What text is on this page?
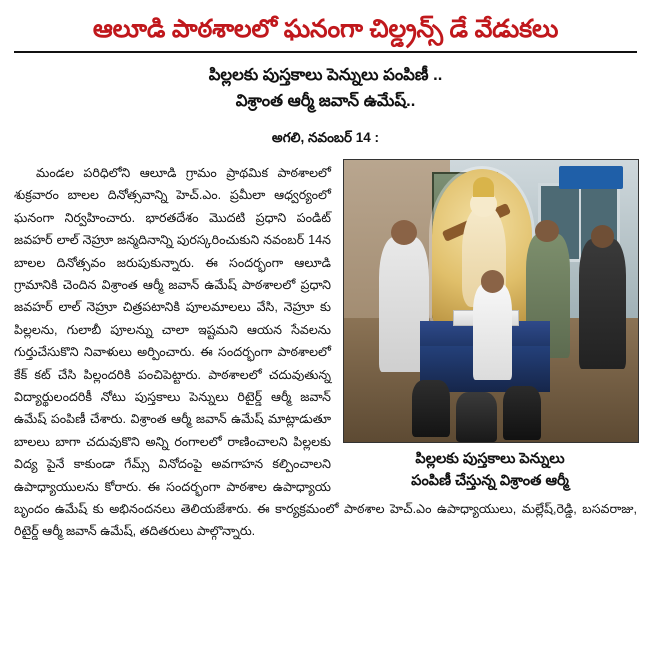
ఆలూడి పాఠశాలలో ఘనంగా చిల్డ్రన్స్ డే వేడుకలు
పిల్లలకు పుస్తకాలు పెన్నులు పంపిణీ ..
విశ్రాంత ఆర్మీ జవాన్ ఉమేష్..
అగలి, నవంబర్ 14 :
పిల్లలకు పుస్తకాలు పెన్నులు
పంపిణీ చేస్తున్న విశ్రాంత ఆర్మీ

మండల పరిధిలోని ఆలూడి గ్రామం ప్రాథమిక పాఠశాలలో శుక్రవారం బాలల దినోత్సవాన్ని హెచ్.ఎం. ప్రమీలా ఆధ్వర్యంలో ఘనంగా నిర్వహించారు. భారతదేశం మొదటి ప్రధాని పండిట్ జవహర్ లాల్ నెహ్రూ జన్మదినాన్ని పురస్కరించుకుని నవంబర్ 14న బాలల దినోత్సవం జరుపుకున్నారు. ఈ సందర్భంగా ఆలూడి గ్రామానికి చెందిన విశ్రాంత ఆర్మీ జవాన్ ఉమేష్ పాఠశాలలో ప్రధాని జవహర్ లాల్ నెహ్రూ చిత్రపటానికి పూలమాలలు వేసి, నెహ్రూ కు పిల్లలను, గులాబీ పూలన్ను చాలా ఇష్టమని ఆయన సేవలను గుర్తుచేసుకొని నివాళులు అర్పించారు. ఈ సందర్భంగా పాఠశాలలో కేక్ కట్ చేసి పిల్లందరికి పంచిపెట్టారు. పాఠశాలలో చదువుతున్న విద్యార్థులందరికీ నోటు పుస్తకాలు పెన్నులు రిటైర్డ్ ఆర్మీ జవాన్ ఉమేష్ పంపిణీ చేశారు. విశ్రాంత ఆర్మీ జవాన్ ఉమేష్ మాట్లాడుతూ బాలలు బాగా చదువుకొని అన్ని రంగాలలో రాణించాలని పిల్లలకు విద్య పైనే కాకుండా గేమ్స్ వినోదంపై అవగాహన కల్పించాలని ఉపాధ్యాయులను కోరారు. ఈ సందర్భంగా పాఠశాల ఉపాధ్యాయ బృందం ఉమేష్ కు అభినందనలు తెలియజేశారు. ఈ కార్యక్రమంలో పాఠశాల హెచ్.ఎం ఉపాధ్యాయులు, మల్లేష్,రెడ్డి, బసవరాజు, రిటైర్డ్ ఆర్మీ జవాన్ ఉమేష్, తదితరులు పాల్గొన్నారు.
